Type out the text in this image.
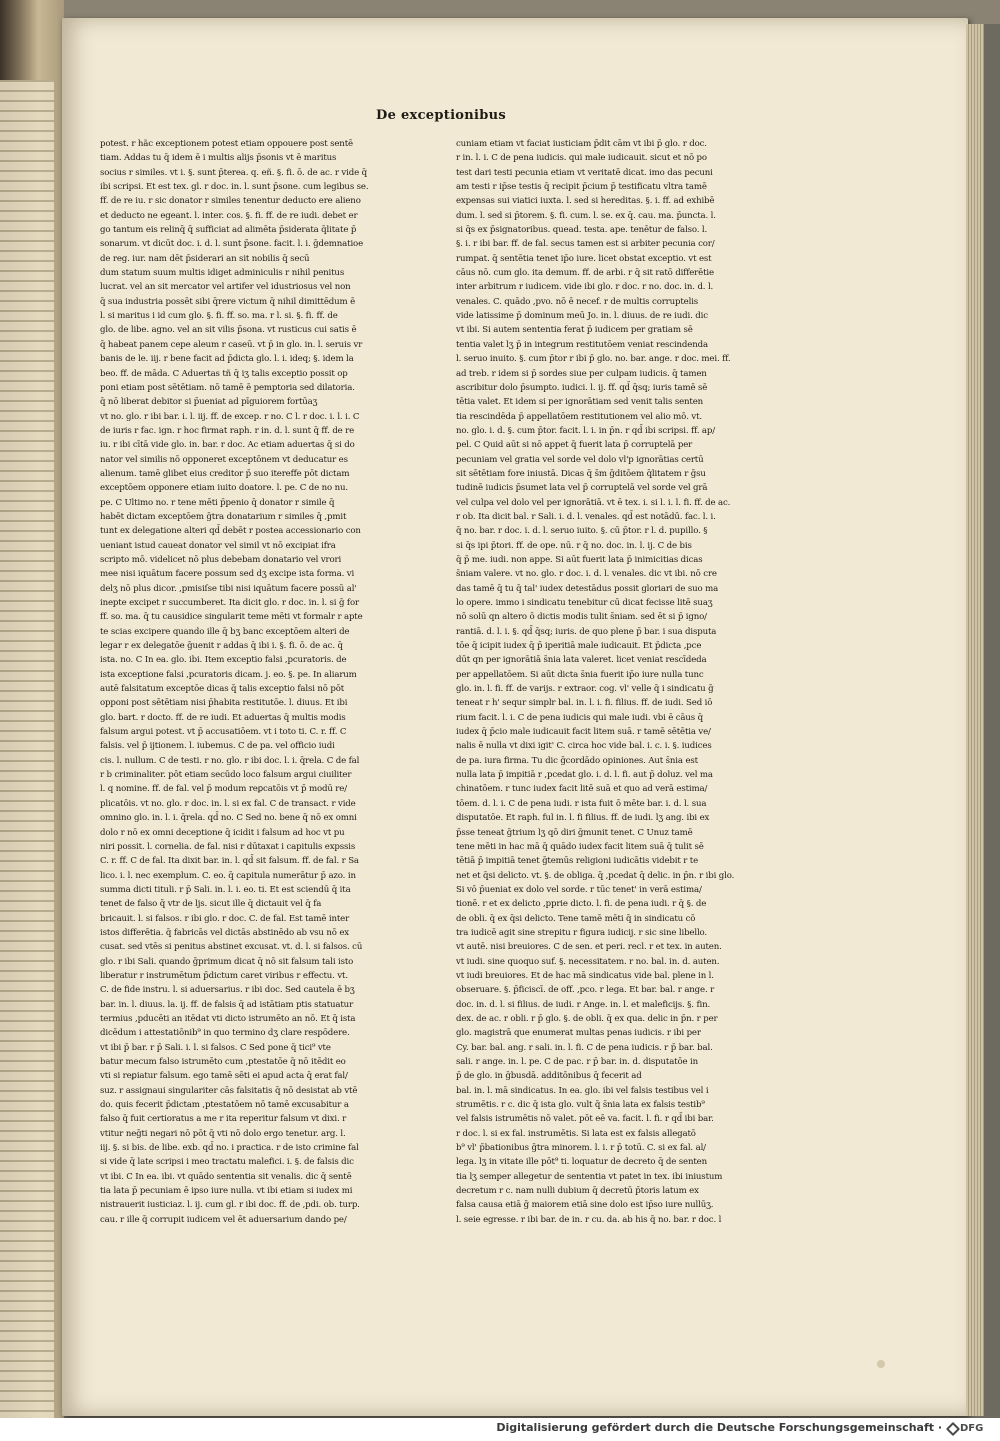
De exceptionibus
potest. r hãc exceptionem potest etiam oppouere post sentē
tiam. Addas tu q̄ idem ē i multis alijs p̄sonis vt ē maritus
socius r similes. vt i. §. sunt p̄terea. q. eñ. §. fi. ō. de ac. r vide q̄
ibi scripsi. Et est tex. gl. r doc. in. l. sunt p̄sone. cum legibus se.
ff. de re iu. r sic donator r similes tenentur deducto ere alieno
et deducto ne egeant. l. inter. cos. §. fi. ff. de re iudi. debet er
go tantum eis relinq̄ q̄ sufficiat ad alimēta p̄siderata q̄litate p̄
sonarum. vt dicūt doc. i. d. l. sunt p̄sone. facit. l. i. ḡdemnatioe
de reg. iur. nam dēt p̄siderari an sit nobilis q̄ secū
dum statum suum multis idiget adminiculis r nihil penitus
lucrat. vel an sit mercator vel artifer vel idustriosus vel non
q̄ sua industria possēt sibi q̄rere victum q̄ nihil dimittēdum ē
l. si maritus i id cum glo. §. fi. ff. so. ma. r l. si. §. fi. ff. de
glo. de libe. agno. vel an sit vilis p̄sona. vt rusticus cui satis ē
q̄ habeat panem cepe aleum r caseū. vt p̄ in glo. in. l. seruis vr
banis de le. iij. r bene facit ad p̄dicta glo. l. i. ideq; §. idem la
beo. ff. de māda. C Aduertas tñ q̄ iʒ talis exceptio possit op
poni etiam post sētētiam. nō tamē ē pemptoria sed dilatoria.
q̄ nō liberat debitor si p̄ueniat ad pīguiorem fortūaʒ
vt no. glo. r ibi bar. i. l. iij. ff. de excep. r no. C l. r doc. i. l. i. C
de iuris r fac. ign. r hoc firmat raph. r in. d. l. sunt q̄ ff. de re
iu. r ibi cītā vide glo. in. bar. r doc. Ac etiam aduertas q̄ si do
nator vel similis nō opponeret exceptōnem vt deducatur es
alienum. tamē glibet eius creditor p̄ suo itereffe pōt dictam
exceptōem opponere etiam iuito doatore. l. pe. C de no nu.
pe. C Ultimo no. r tene mēti p̄penio q̄ donator r simile q̄
habēt dictam exceptōem ḡtra donatarium r similes q̄ ,pmit
tunt ex delegatione alteri qd̄ debēt r postea accessionario con
ueniant istud caueat donator vel simil vt nō excipiat ifra
scripto mō. videlicet nō plus debebam donatario vel vrori
mee nisi iquātum facere possum sed dʒ excipe ista forma. vi
delʒ nō plus dicor. ,pmisiſse tibi nisi iquātum facere possū al'
inepte excipet r succumberet. Ita dicit glo. r doc. in. l. si ḡ for
ff. so. ma. q̄ tu causidice singularit teme mēti vt formalr r apte
te scias excipere quando ille q̄ bʒ banc exceptōem alteri de
legar r ex delegatōe ḡuenit r addas q̄ ibi i. §. fi. ō. de ac. q̄
ista. no. C In ea. glo. ibi. Item exceptio falsi ,pcuratoris. de
ista exceptione falsi ,pcuratoris dicam. j. eo. §. pe. In aliarum
autē falsitatum exceptōe dicas q̄ talis exceptio falsi nō pōt
opponi post sētētiam nisi p̄habita restitutōe. l. diuus. Et ibi
glo. bart. r docto. ff. de re iudi. Et aduertas q̄ multis modis
falsum argui potest. vt p̄ accusatiōem. vt i toto ti. C. r. ff. C
falsis. vel p̄ ijtionem. l. iubemus. C de pa. vel officio iudi
cis. l. nullum. C de testi. r no. glo. r ibi doc. l. i. q̄rela. C de fal
r b criminaliter. pōt etiam secūdo loco falsum argui ciuiliter
l. q nomine. ff. de fal. vel p̄ modum reꝑcatōis vt p̄ modū re/
plicatōis. vt no. glo. r doc. in. l. si ex fal. C de transact. r vide
omnino glo. in. l. i. q̄rela. qd̄ no. C Sed no. bene q̄ nō ex omni
dolo r nō ex omni deceptione q̄ icidit i falsum ad hoc vt pu
niri possit. l. cornelia. de fal. nisi r dūtaxat i capitulis expssis
C. r. ff. C de fal. Ita dixit bar. in. l. qd̄ sit falsum. ff. de fal. r Sa
lico. i. l. nec exemplum. C. eo. q̄ capitula numerātur p̄ azo. in
summa dicti tituli. r p̄ Sali. in. l. i. eo. ti. Et est sciendū q̄ ita
tenet de falso q̄ vtr de ljs. sicut ille q̄ dictauit vel q̄ fa
bricauit. l. si falsos. r ibi glo. r doc. C. de fal. Est tamē inter
istos differētia. q̄ fabricās vel dictās abstinēdo ab vsu nō ex
cusat. sed vtēs si penitus abstinet excusat. vt. d. l. si falsos. cū
glo. r ibi Sali. quando ḡprimum dicat q̄ nō sit falsum tali isto
liberatur r instrumētum p̄dictum caret viribus r effectu. vt.
C. de fide instru. l. si aduersarius. r ibi doc. Sed cautela ē bʒ
bar. in. l. diuus. la. ij. ff. de falsis q̄ ad istātiam ptis statuatur
termius ,pducēti an itēdat vti dicto istrumēto an nō. Et q̄ ista
dicēdum i attestatiōnib⁹ in quo termino dʒ clare respōdere.
vt ibi p̄ bar. r p̄ Sali. i. l. si falsos. C Sed pone q̄ tici⁹ vte
batur mecum falso istrumēto cum ,ptestatōe q̄ nō itēdit eo
vti si reꝑiatur falsum. ego tamē sēti ei apud acta q̄ erat fal/
suz. r assignaui singulariter cās falsitatis q̄ nō desistat ab vtē
do. quis fecerit p̄dictam ,ptestatōem nō tamē excusabitur a
falso q̄ fuit certioratus a me r ita reperitur falsum vt dixi. r
vtitur neḡti negari nō pōt q̄ vti nō dolo ergo tenetur. arg. l.
iij. §. si bis. de libe. exb. qd̄ no. i practica. r de isto crimine fal
si vide q̄ late scripsi i meo tractatu malefici. i. §. de falsis dic
vt ibi. C In ea. ibi. vt quādo sententia sit venalis. dic q̄ sentē
tia lata p̄ pecuniam ē ipso iure nulla. vt ibi etiam si iudex mi
nistrauerit iusticiaz. l. ij. cum gl. r ibi doc. ff. de ,pdi. ob. turp.
cau. r ille q̄ corrupit iudicem vel ēt aduersarium dando pe/
cuniam etiam vt faciat iusticiam p̄dit cām vt ibi p̄ glo. r doc.
r in. l. i. C de pena iudicis. qui male iudicauit. sicut et nō po
test dari testi pecunia etiam vt veritatē dicat. imo das pecuni
am testi r ip̄se testis q̄ recipit p̄cium p̄ testificatu vltra tamē
expensas sui viatici iuxta. l. sed si hereditas. §. i. ff. ad exhibē
dum. l. sed si p̄torem. §. fi. cum. l. se. ex q̄. cau. ma. p̄uncta. l.
si q̄s ex p̄signatoribus. quead. testa. ape. tenētur de falso. l.
§. i. r ibi bar. ff. de fal. secus tamen est si arbiter pecunia cor/
rumpat. q̄ sentētia tenet ip̄o iure. licet obstat exceptio. vt est
cāus nō. cum glo. ita demum. ff. de arbi. r q̄ sit ratō differētie
inter arbitrum r iudicem. vide ibi glo. r doc. r no. doc. in. d. l.
venales. C. quādo ,pvo. nō ē necef. r de multis corruptelis
vide latissime p̄ dominum meū Jo. in. l. diuus. de re iudi. dic
vt ibi. Si autem sententia ferat p̄ iudicem per gratiam sē
tentia valet lʒ p̄ in integrum restitutōem veniat rescindenda
l. seruo inuito. §. cum p̄tor r ibi p̄ glo. no. bar. ange. r doc. mei. ff.
ad treb. r idem si p̄ sordes siue per culpam iudicis. q̄ tamen
ascribitur dolo p̄sumpto. iudici. l. ij. ff. qd̄ q̄sq; iuris tamē sē
tētia valet. Et idem si per ignorātiam sed venit talis senten
tia rescindēda p̄ appellatōem restitutionem vel alio mō. vt.
no. glo. i. d. §. cum p̄tor. facit. l. i. in p̄n. r qd̄ ibi scripsi. ff. ap/
pel. C Quid aūt si nō appet q̄ fuerit lata p̄ corruptelā per
pecuniam vel gratia vel sorde vel dolo vl'p ignorātias certū
sit sētētiam fore iniustā. Dicas q̄ s̄m ḡditōem q̄litatem r ḡsu
tudinē iudicis p̄sumet lata vel p̄ corruptelā vel sorde vel grā
vel culpa vel dolo vel per ignorātiā. vt ē tex. i. si l. i. l. fi. ff. de ac.
r ob. Ita dicit bal. r Sali. i. d. l. venales. qd̄ est notādū. fac. l. i.
q̄ no. bar. r doc. i. d. l. seruo iuito. §. cū p̄tor. r l. d. pupillo. §
si q̄s ipi p̄tori. ff. de ope. nū. r q̄ no. doc. in. l. ij. C de bis
q̄ p̄ me. iudi. non appe. Si aūt fuerit lata p̄ inimicitias dicas
s̄niam valere. vt no. glo. r doc. i. d. l. venales. dic vt ibi. nō cre
das tamē q̄ tu q̄ tal' iudex detestādus possit gloriari de suo ma
lo opere. immo i sindicatu tenebitur cū dicat fecisse litē suaʒ
nō solū qn altero ō dictis modis tulit s̄niam. sed ēt si p̄ igno/
rantiā. d. l. i. §. qd̄ q̄sq; iuris. de quo plene p̄ bar. i sua disputa
tōe q̄ icipit iudex q̄ p̄ iperitiā male iudicauit. Et p̄dicta ,pce
dūt qn per ignorātiā s̄nia lata valeret. licet veniat rescīdeda
per appellatōem. Si aūt dicta s̄nia fuerit ip̄o iure nulla tunc
glo. in. l. fi. ff. de varijs. r extraor. cog. vl' velle q̄ i sindicatu ḡ
teneat r h' sequr simplr bal. in. l. i. fi. filius. ff. de iudi. Sed iō
rium facit. l. i. C de pena iudicis qui male iudi. vbi ē cāus q̄
iudex q̄ p̄cio male iudicauit facit litem suā. r tamē sētētia ve/
nalis ē nulla vt dixi igit' C. circa hoc vide bal. i. c. i. §. iudices
de pa. iura firma. Tu dic ḡcordādo opiniones. Aut s̄nia est
nulla lata p̄ impitiā r ,pcedat glo. i. d. l. fi. aut p̄ doluz. vel ma
chinatōem. r tunc iudex facit litē suā et quo ad verā estima/
tōem. d. l. i. C de pena iudi. r ista fuit ō mēte bar. i. d. l. sua
disputatōe. Et raph. ful in. l. fi filius. ff. de iudi. lʒ ang. ibi ex
p̄sse teneat ḡtrium lʒ qō diri ḡmunit tenet. C Unuz tamē
tene mēti in hac mā q̄ quādo iudex facit litem suā q̄ tulit sē
tētiā p̄ impitiā tenet ḡtemūs religioni iudicātis videbit r te
net et q̄si delicto. vt. §. de obliga. q̄ ,pcedat q̄ delic. in p̄n. r ibi glo.
Si vō p̄ueniat ex dolo vel sorde. r tūc tenet' in verā estima/
tionē. r et ex delicto ,pprie dicto. l. fi. de pena iudi. r q̄ §. de
de obli. q̄ ex q̄si delicto. Tene tamē mēti q̄ in sindicatu cō
tra iudicē agit sine strepitu r figura iudicij. r sic sine libello.
vt autē. nisi breuiores. C de sen. et peri. recl. r et tex. in auten.
vt iudi. sine quoquo suf. §. necessitatem. r no. bal. in. d. auten.
vt iudi breuiores. Et de hac mā sindicatus vide bal. plene in l.
obseruare. §. p̄ficiscī. de off. ,pco. r lega. Et bar. bal. r ange. r
doc. in. d. l. si filius. de iudi. r Ange. in. l. et maleficijs. §. fin.
dex. de ac. r obli. r p̄ glo. §. de obli. q̄ ex qua. delic in p̄n. r per
glo. magistrā que enumerat multas penas iudicis. r ibi per
Cy. bar. bal. ang. r sali. in. l. fi. C de pena iudicis. r p̄ bar. bal.
sali. r ange. in. l. pe. C de pac. r p̄ bar. in. d. disputatōe in
p̄ de glo. in ḡbusdā. additōnibus q̄ fecerit ad
bal. in. l. mā sindicatus. In ea. glo. ibi vel falsis testibus vel i
strumētis. r c. dic q̄ ista glo. vult q̄ s̄nia lata ex falsis testib⁹
vel falsis istrumētis nō valet. pōt eē va. facit. l. fi. r qd̄ ibi bar.
r doc. l. si ex fal. instrumētis. Si lata est ex falsis allegatō
b⁹ vl' p̄bationibus ḡtra minorem. l. i. r p̄ totū. C. si ex fal. al/
lega. lʒ in vitate ille pōt⁹ ti. loquatur de decreto q̄ de senten
tia lʒ semper allegetur de sententia vt patet in tex. ibi iniustum
decretum r c. nam nulli dubium q̄ decretū p̄toris latum ex
falsa causa etiā ḡ maiorem etiā sine dolo est ip̄so iure nullūʒ.
l. seie egresse. r ibi bar. de in. r cu. da. ab his q̄ no. bar. r doc. l
Digitalisierung gefördert durch die Deutsche Forschungsgemeinschaft · DFG
